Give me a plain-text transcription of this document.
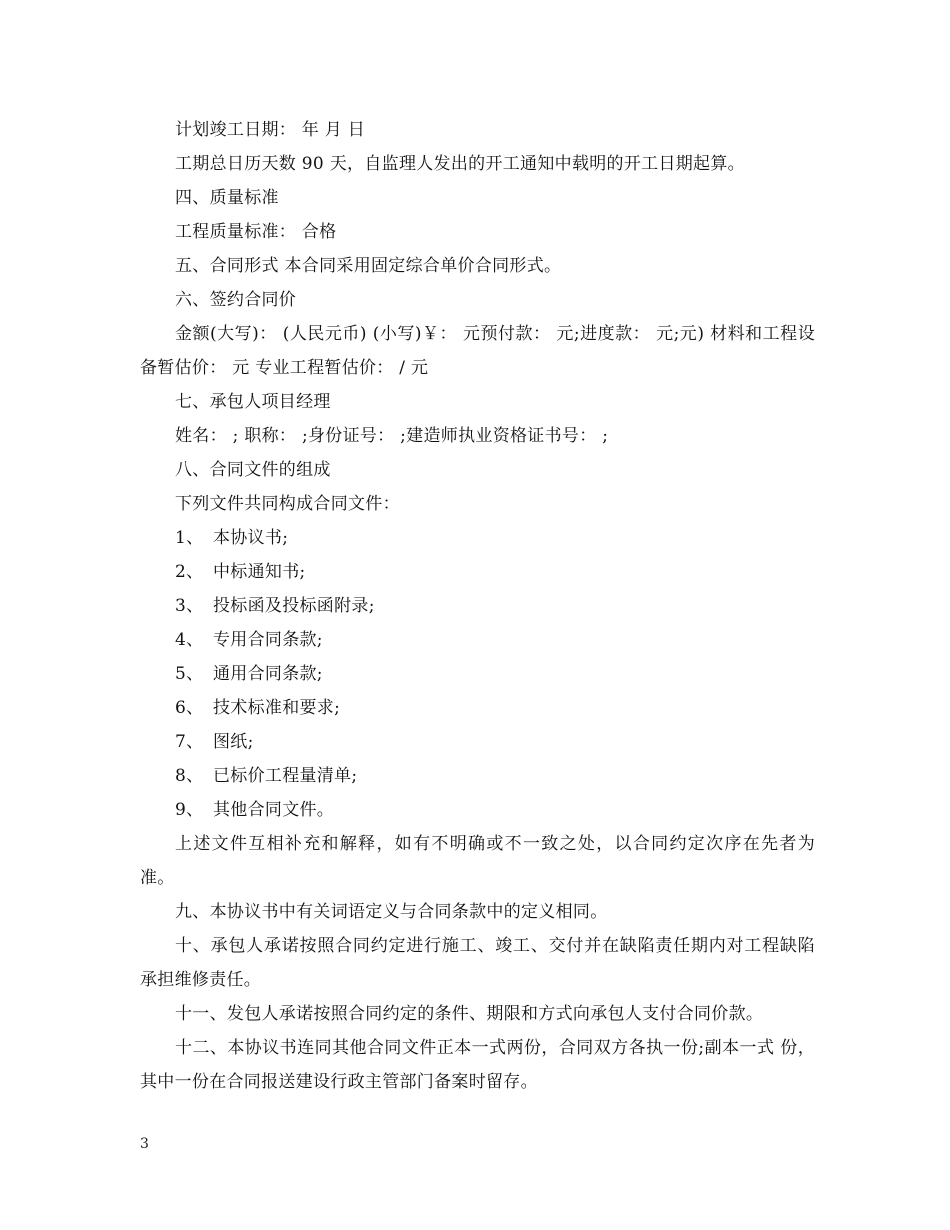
计划竣工日期： 年 月 日

工期总日历天数 90 天，自监理人发出的开工通知中载明的开工日期起算。

四、质量标准

工程质量标准： 合格

五、合同形式 本合同采用固定综合单价合同形式。

六、签约合同价

金额(大写)： (人民元币) (小写)￥： 元预付款： 元;进度款： 元;元) 材料和工程设备暂估价： 元 专业工程暂估价： / 元

七、承包人项目经理

姓名： ; 职称： ;身份证号： ;建造师执业资格证书号： ;

八、合同文件的组成

下列文件共同构成合同文件：

1、 本协议书;
2、 中标通知书;
3、 投标函及投标函附录;
4、 专用合同条款;
5、 通用合同条款;
6、 技术标准和要求;
7、 图纸;
8、 已标价工程量清单;
9、 其他合同文件。

上述文件互相补充和解释，如有不明确或不一致之处，以合同约定次序在先者为准。

九、本协议书中有关词语定义与合同条款中的定义相同。

十、承包人承诺按照合同约定进行施工、竣工、交付并在缺陷责任期内对工程缺陷承担维修责任。

十一、发包人承诺按照合同约定的条件、期限和方式向承包人支付合同价款。

十二、本协议书连同其他合同文件正本一式两份，合同双方各执一份;副本一式 份，其中一份在合同报送建设行政主管部门备案时留存。

3
